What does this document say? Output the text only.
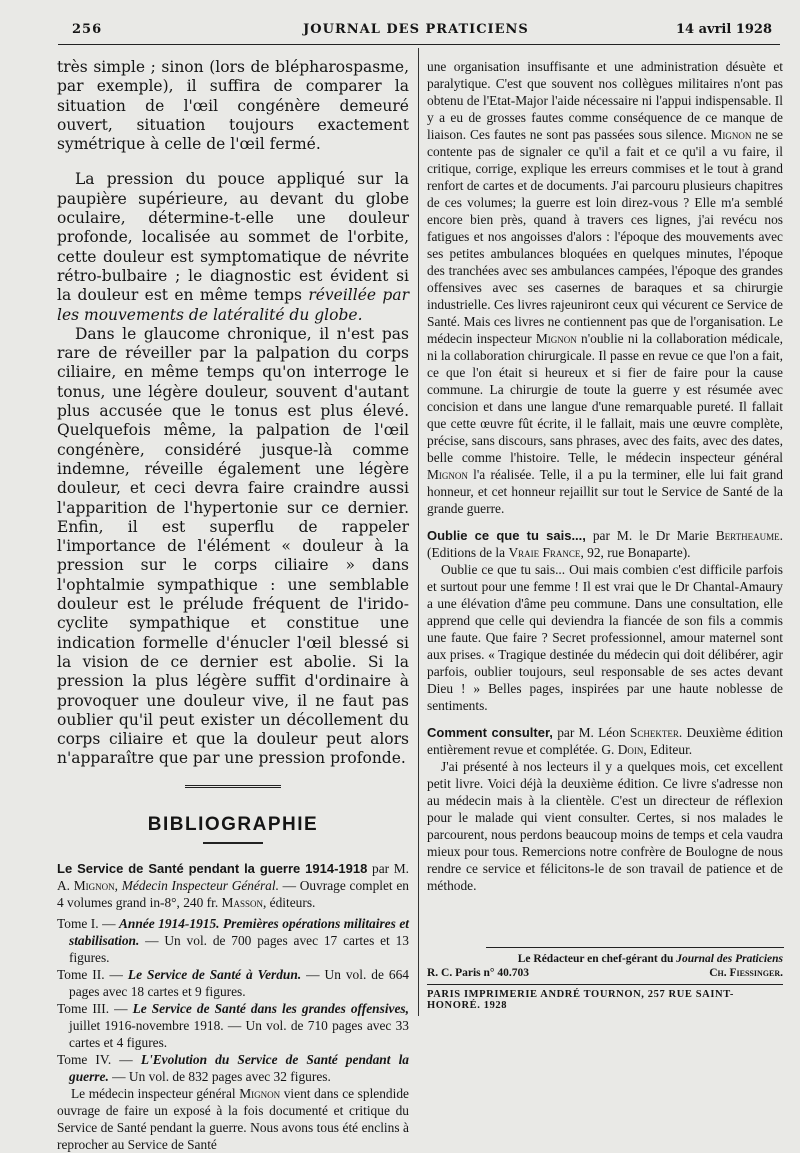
256	JOURNAL DES PRATICIENS	14 avril 1928

très simple ; sinon (lors de blépharospasme, par exemple), il suffira de comparer la situation de l'œil congénère demeuré ouvert, situation toujours exactement symétrique à celle de l'œil fermé.

La pression du pouce appliqué sur la paupière supérieure, au devant du globe oculaire, détermine-t-elle une douleur profonde, localisée au sommet de l'orbite, cette douleur est symptomatique de névrite rétro-bulbaire ; le diagnostic est évident si la douleur est en même temps réveillée par les mouvements de latéralité du globe.

Dans le glaucome chronique, il n'est pas rare de réveiller par la palpation du corps ciliaire, en même temps qu'on interroge le tonus, une légère douleur, souvent d'autant plus accusée que le tonus est plus élevé. Quelquefois même, la palpation de l'œil congénère, considéré jusque-là comme indemne, réveille également une légère douleur, et ceci devra faire craindre aussi l'apparition de l'hypertonie sur ce dernier. Enfin, il est superflu de rappeler l'importance de l'élément « douleur à la pression sur le corps ciliaire » dans l'ophtalmie sympathique : une semblable douleur est le prélude fréquent de l'irido-cyclite sympathique et constitue une indication formelle d'énucler l'œil blessé si la vision de ce dernier est abolie. Si la pression la plus légère suffit d'ordinaire à provoquer une douleur vive, il ne faut pas oublier qu'il peut exister un décollement du corps ciliaire et que la douleur peut alors n'apparaître que par une pression profonde.

BIBLIOGRAPHIE

Le Service de Santé pendant la guerre 1914-1918 par M. A. Mignon, Médecin Inspecteur Général. — Ouvrage complet en 4 volumes grand in-8°, 240 fr. Masson, éditeurs.

Tome I. — Année 1914-1915. Premières opérations militaires et stabilisation. — Un vol. de 700 pages avec 17 cartes et 13 figures.

Tome II. — Le Service de Santé à Verdun. — Un vol. de 664 pages avec 18 cartes et 9 figures.

Tome III. — Le Service de Santé dans les grandes offensives, juillet 1916-novembre 1918. — Un vol. de 710 pages avec 33 cartes et 4 figures.

Tome IV. — L'Evolution du Service de Santé pendant la guerre. — Un vol. de 832 pages avec 32 figures.

Le médecin inspecteur général Mignon vient dans ce splendide ouvrage de faire un exposé à la fois documenté et critique du Service de Santé pendant la guerre. Nous avons tous été enclins à reprocher au Service de Santé

une organisation insuffisante et une administration désuète et paralytique. C'est que souvent nos collègues militaires n'ont pas obtenu de l'Etat-Major l'aide nécessaire ni l'appui indispensable. Il y a eu de grosses fautes comme conséquence de ce manque de liaison. Ces fautes ne sont pas passées sous silence. Mignon ne se contente pas de signaler ce qu'il a fait et ce qu'il a vu faire, il critique, corrige, explique les erreurs commises et le tout à grand renfort de cartes et de documents. J'ai parcouru plusieurs chapitres de ces volumes; la guerre est loin direz-vous ? Elle m'a semblé encore bien près, quand à travers ces lignes, j'ai revécu nos fatigues et nos angoisses d'alors : l'époque des mouvements avec ses petites ambulances bloquées en quelques minutes, l'époque des tranchées avec ses ambulances campées, l'époque des grandes offensives avec ses casernes de baraques et sa chirurgie industrielle. Ces livres rajeuniront ceux qui vécurent ce Service de Santé. Mais ces livres ne contiennent pas que de l'organisation. Le médecin inspecteur Mignon n'oublie ni la collaboration médicale, ni la collaboration chirurgicale. Il passe en revue ce que l'on a fait, ce que l'on était si heureux et si fier de faire pour la cause commune. La chirurgie de toute la guerre y est résumée avec concision et dans une langue d'une remarquable pureté. Il fallait que cette œuvre fût écrite, il le fallait, mais une œuvre complète, précise, sans discours, sans phrases, avec des faits, avec des dates, belle comme l'histoire. Telle, le médecin inspecteur général Mignon l'a réalisée. Telle, il a pu la terminer, elle lui fait grand honneur, et cet honneur rejaillit sur tout le Service de Santé de la grande guerre.

Oublie ce que tu sais..., par M. le Dr Marie Bertheaume. (Editions de la Vraie France, 92, rue Bonaparte).

Oublie ce que tu sais... Oui mais combien c'est difficile parfois et surtout pour une femme ! Il est vrai que le Dr Chantal-Amaury a une élévation d'âme peu commune. Dans une consultation, elle apprend que celle qui deviendra la fiancée de son fils a commis une faute. Que faire ? Secret professionnel, amour maternel sont aux prises. « Tragique destinée du médecin qui doit délibérer, agir parfois, oublier toujours, seul responsable de ses actes devant Dieu ! » Belles pages, inspirées par une haute noblesse de sentiments.

Comment consulter, par M. Léon Schekter. Deuxième édition entièrement revue et complétée. G. Doin, Editeur.

J'ai présenté à nos lecteurs il y a quelques mois, cet excellent petit livre. Voici déjà la deuxième édition. Ce livre s'adresse non au médecin mais à la clientèle. C'est un directeur de réflexion pour le malade qui vient consulter. Certes, si nos malades le parcourent, nous perdons beaucoup moins de temps et cela vaudra mieux pour tous. Remercions notre confrère de Boulogne de nous rendre ce service et félicitons-le de son travail de patience et de méthode.

Le Rédacteur en chef-gérant du Journal des Praticiens
R. C. Paris n° 40.703	Ch. Fiessinger.
PARIS IMPRIMERIE ANDRÉ TOURNON, 257 RUE SAINT-HONORÉ. 1928
